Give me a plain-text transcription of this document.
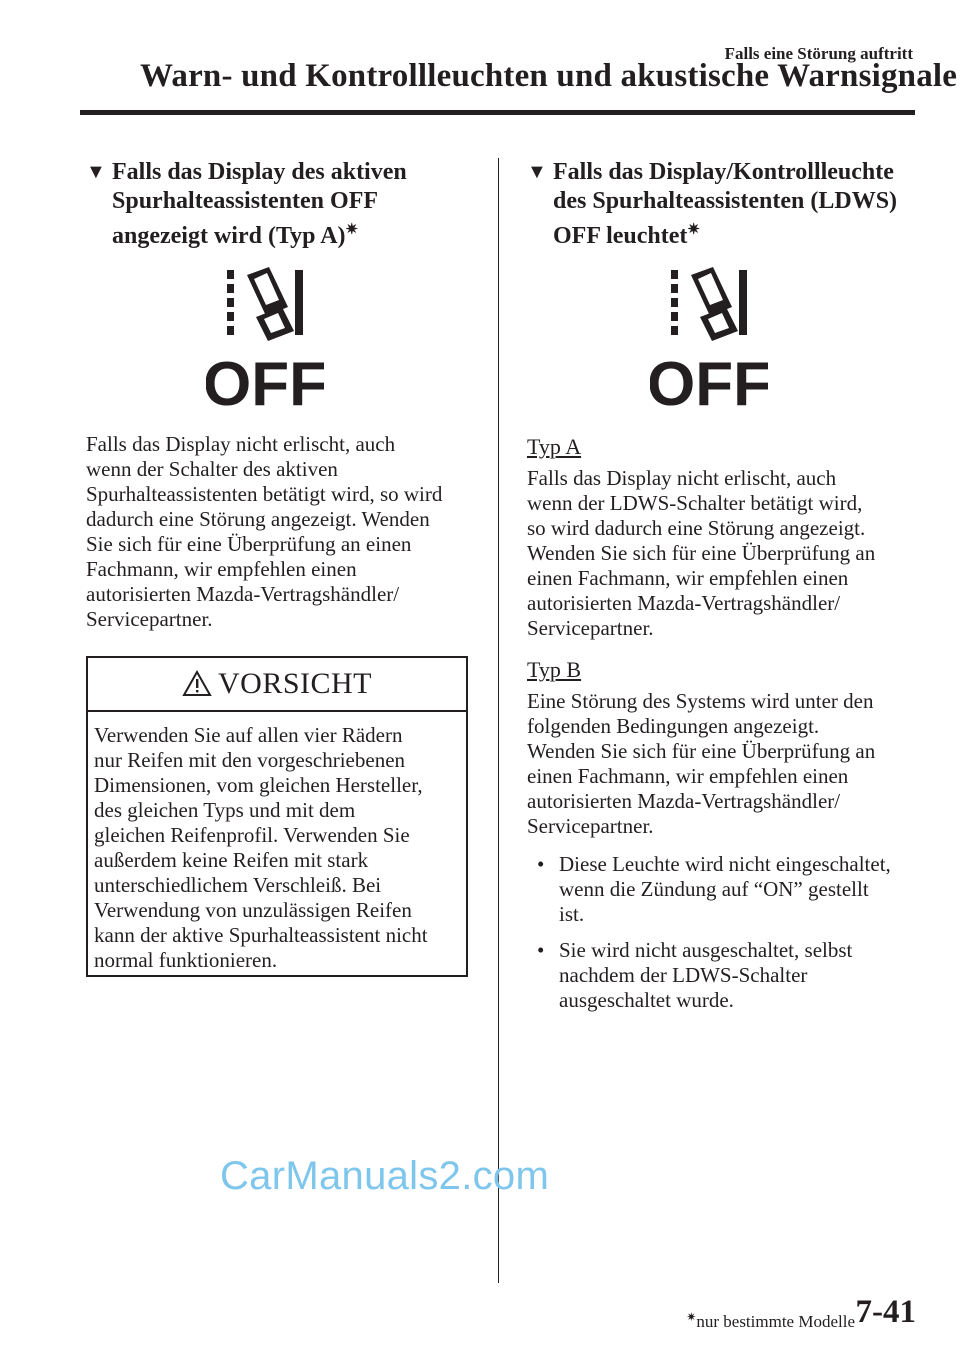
Falls eine Störung auftritt
Warn- und Kontrollleuchten und akustische Warnsignale
▼ Falls das Display des aktiven
Spurhalteassistenten OFF
angezeigt wird (Typ A)✷
OFF
Falls das Display nicht erlischt, auch
wenn der Schalter des aktiven
Spurhalteassistenten betätigt wird, so wird
dadurch eine Störung angezeigt. Wenden
Sie sich für eine Überprüfung an einen
Fachmann, wir empfehlen einen
autorisierten Mazda-Vertragshändler/
Servicepartner.
VORSICHT
Verwenden Sie auf allen vier Rädern
nur Reifen mit den vorgeschriebenen
Dimensionen, vom gleichen Hersteller,
des gleichen Typs und mit dem
gleichen Reifenprofil. Verwenden Sie
außerdem keine Reifen mit stark
unterschiedlichem Verschleiß. Bei
Verwendung von unzulässigen Reifen
kann der aktive Spurhalteassistent nicht
normal funktionieren.
▼ Falls das Display/Kontrollleuchte
des Spurhalteassistenten (LDWS)
OFF leuchtet✷
OFF
Typ A
Falls das Display nicht erlischt, auch
wenn der LDWS-Schalter betätigt wird,
so wird dadurch eine Störung angezeigt.
Wenden Sie sich für eine Überprüfung an
einen Fachmann, wir empfehlen einen
autorisierten Mazda-Vertragshändler/
Servicepartner.
Typ B
Eine Störung des Systems wird unter den
folgenden Bedingungen angezeigt.
Wenden Sie sich für eine Überprüfung an
einen Fachmann, wir empfehlen einen
autorisierten Mazda-Vertragshändler/
Servicepartner.
• Diese Leuchte wird nicht eingeschaltet,
wenn die Zündung auf “ON” gestellt
ist.
• Sie wird nicht ausgeschaltet, selbst
nachdem der LDWS-Schalter
ausgeschaltet wurde.
CarManuals2.com
✷nur bestimmte Modelle 7-41
